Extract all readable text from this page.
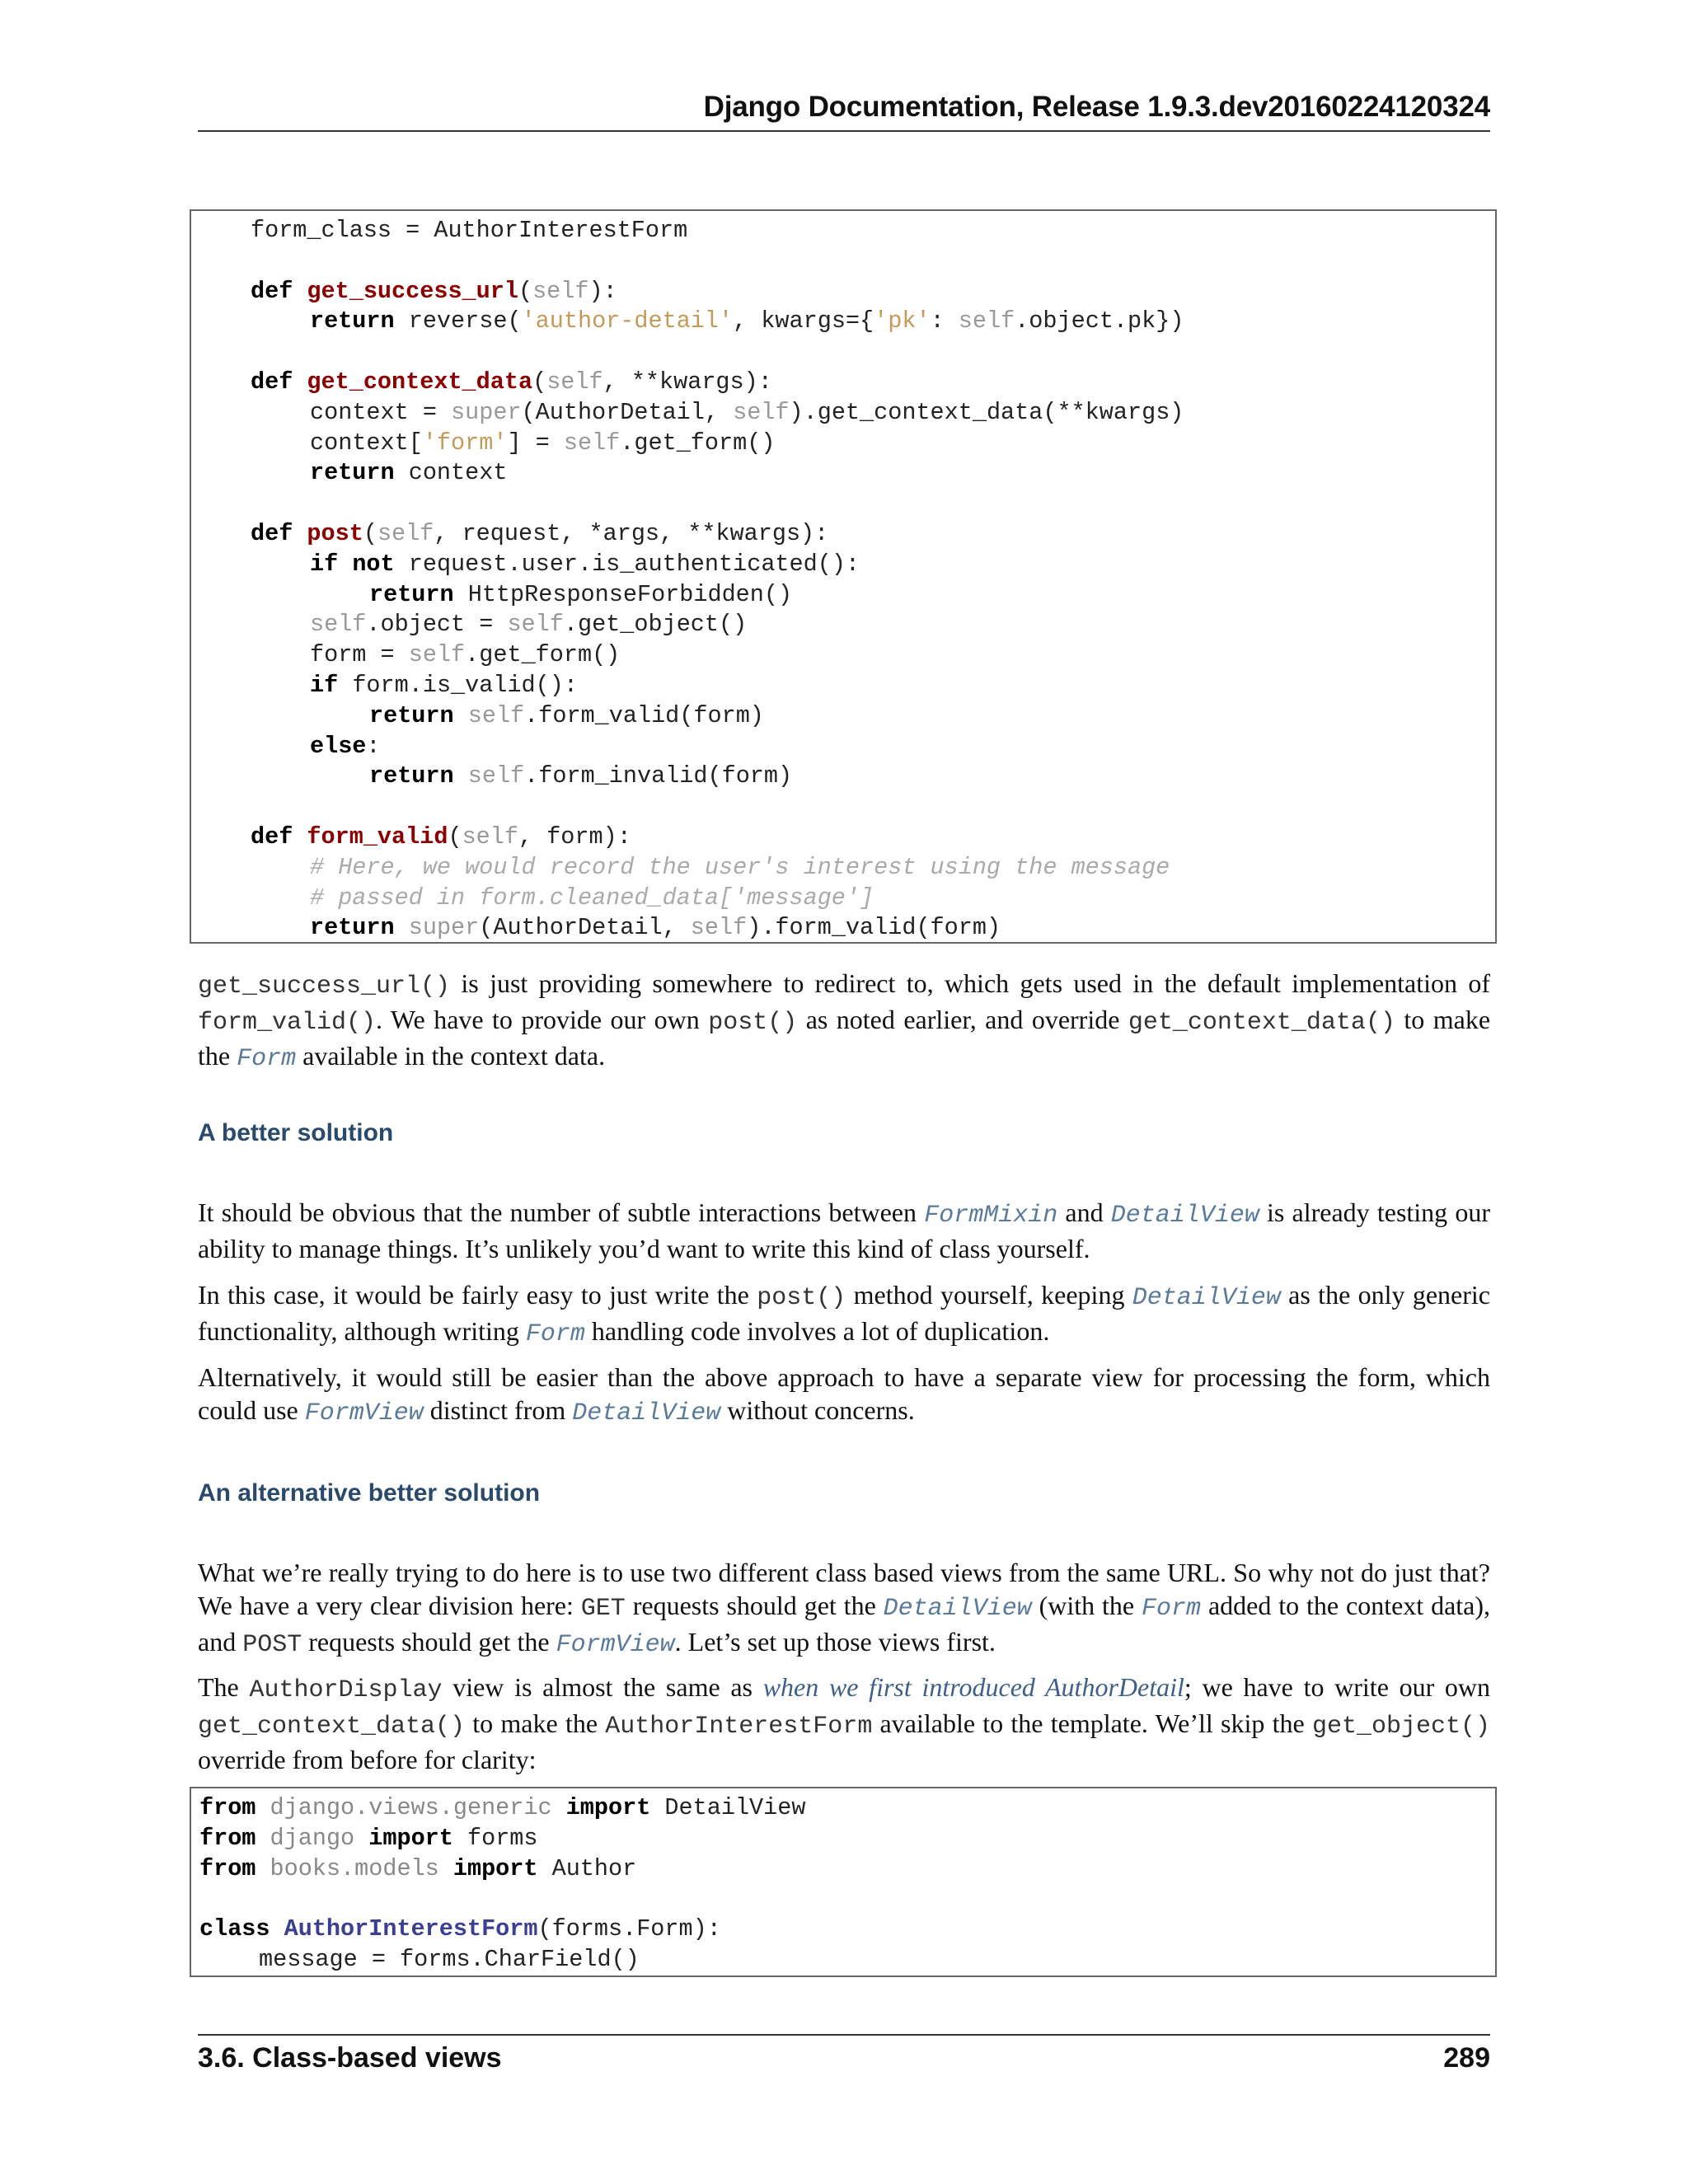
Django Documentation, Release 1.9.3.dev20160224120324
form_class = AuthorInterestForm
def get_success_url(self):
return reverse('author-detail', kwargs={'pk': self.object.pk})
def get_context_data(self, **kwargs):
context = super(AuthorDetail, self).get_context_data(**kwargs)
context['form'] = self.get_form()
return context
def post(self, request, *args, **kwargs):
if not request.user.is_authenticated():
return HttpResponseForbidden()
self.object = self.get_object()
form = self.get_form()
if form.is_valid():
return self.form_valid(form)
else:
return self.form_invalid(form)
def form_valid(self, form):
# Here, we would record the user's interest using the message
# passed in form.cleaned_data['message']
return super(AuthorDetail, self).form_valid(form)
get_success_url() is just providing somewhere to redirect to, which gets used in the default implementation of form_valid(). We have to provide our own post() as noted earlier, and override get_context_data() to make the Form available in the context data.
A better solution
It should be obvious that the number of subtle interactions between FormMixin and DetailView is already testing our ability to manage things. It’s unlikely you’d want to write this kind of class yourself.
In this case, it would be fairly easy to just write the post() method yourself, keeping DetailView as the only generic functionality, although writing Form handling code involves a lot of duplication.
Alternatively, it would still be easier than the above approach to have a separate view for processing the form, which could use FormView distinct from DetailView without concerns.
An alternative better solution
What we’re really trying to do here is to use two different class based views from the same URL. So why not do just that? We have a very clear division here: GET requests should get the DetailView (with the Form added to the context data), and POST requests should get the FormView. Let’s set up those views first.
The AuthorDisplay view is almost the same as when we first introduced AuthorDetail; we have to write our own get_context_data() to make the AuthorInterestForm available to the template. We’ll skip the get_object() override from before for clarity:
from django.views.generic import DetailView
from django import forms
from books.models import Author
class AuthorInterestForm(forms.Form):
message = forms.CharField()
3.6. Class-based views	289
